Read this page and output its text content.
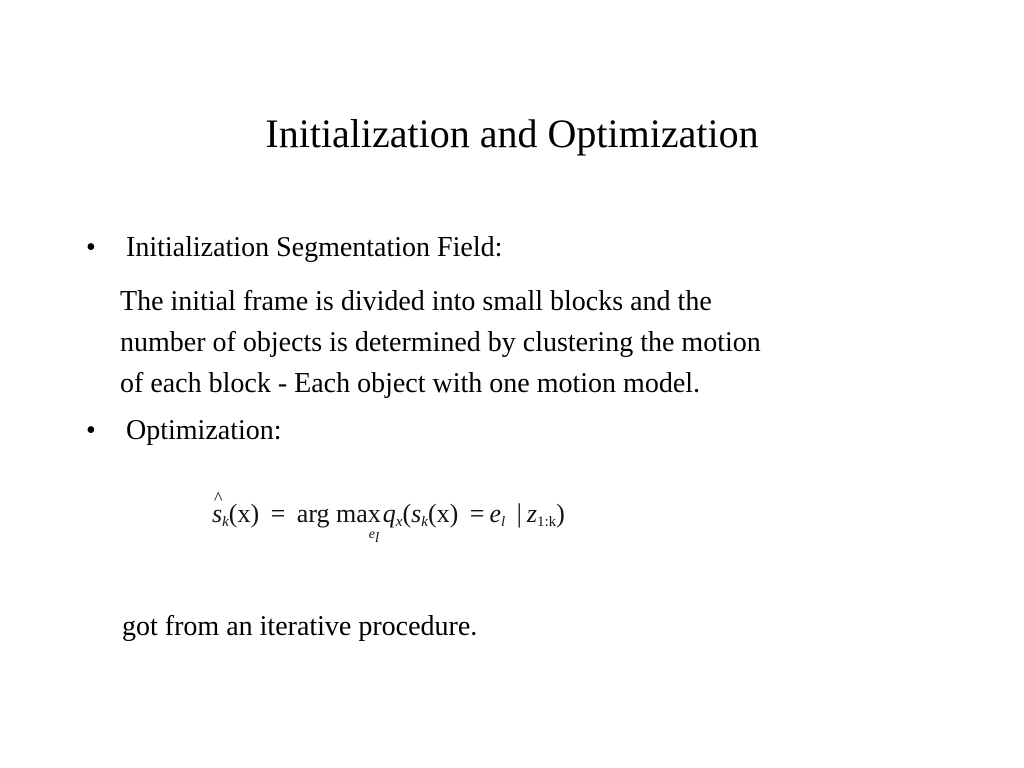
Initialization and Optimization
• Initialization Segmentation Field:
The initial frame is divided into small blocks and the
number of objects is determined by clustering the motion
of each block - Each object with one motion model.
• Optimization:
^ $s_k(x)$ = arg max
$e_l$
$q_x(s_k(x) = e_l$ | $z_{1:k}$)
got from an iterative procedure.
